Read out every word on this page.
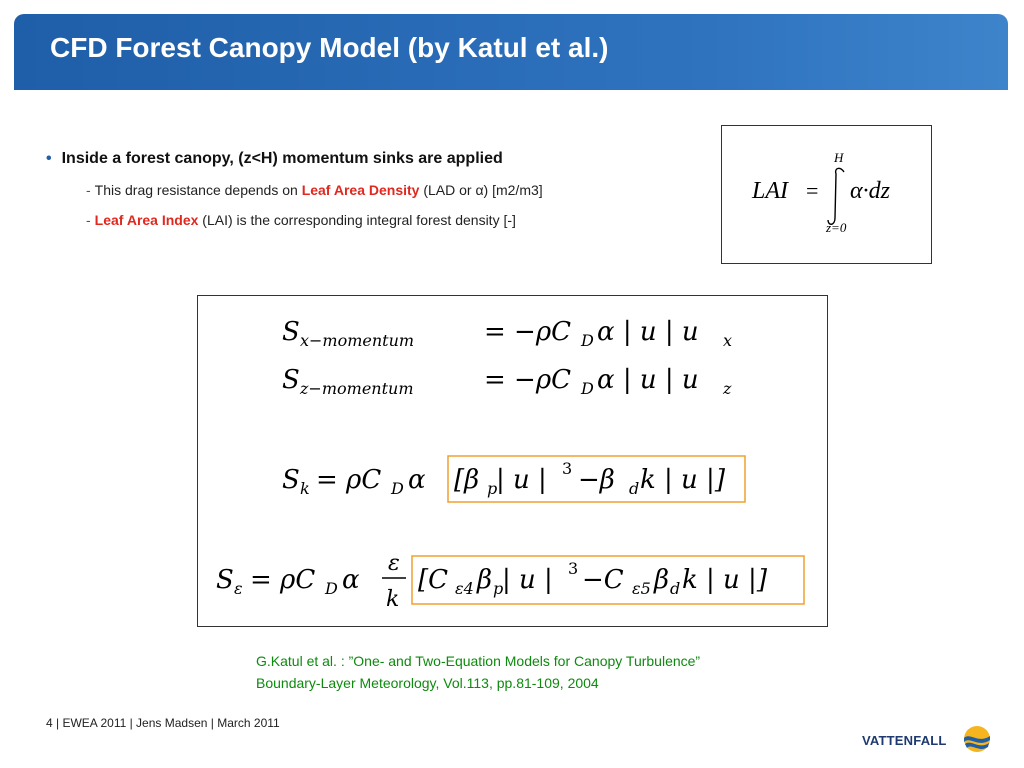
CFD Forest Canopy Model (by Katul et al.)
• Inside a forest canopy, (z<H) momentum sinks are applied
- This drag resistance depends on Leaf Area Density (LAD or α) [m2/m3]
- Leaf Area Index (LAI) is the corresponding integral forest density [-]
LAI =
H
z=0
α·dz
S x−momentum	= −ρC D α | u | u x
S z−momentum	= −ρC D α | u | u z
S k = ρC D α [β p
| u | 3 −β d k | u |]
S ε = ρC D α
ε
k
[C ε4 β p
| u | 3 −C ε5 β d k | u |]
G.Katul et al. : ”One- and Two-Equation Models for Canopy Turbulence”
Boundary-Layer Meteorology, Vol.113, pp.81-109, 2004
4 | EWEA 2011 | Jens Madsen | March 2011
VATTENFALL
